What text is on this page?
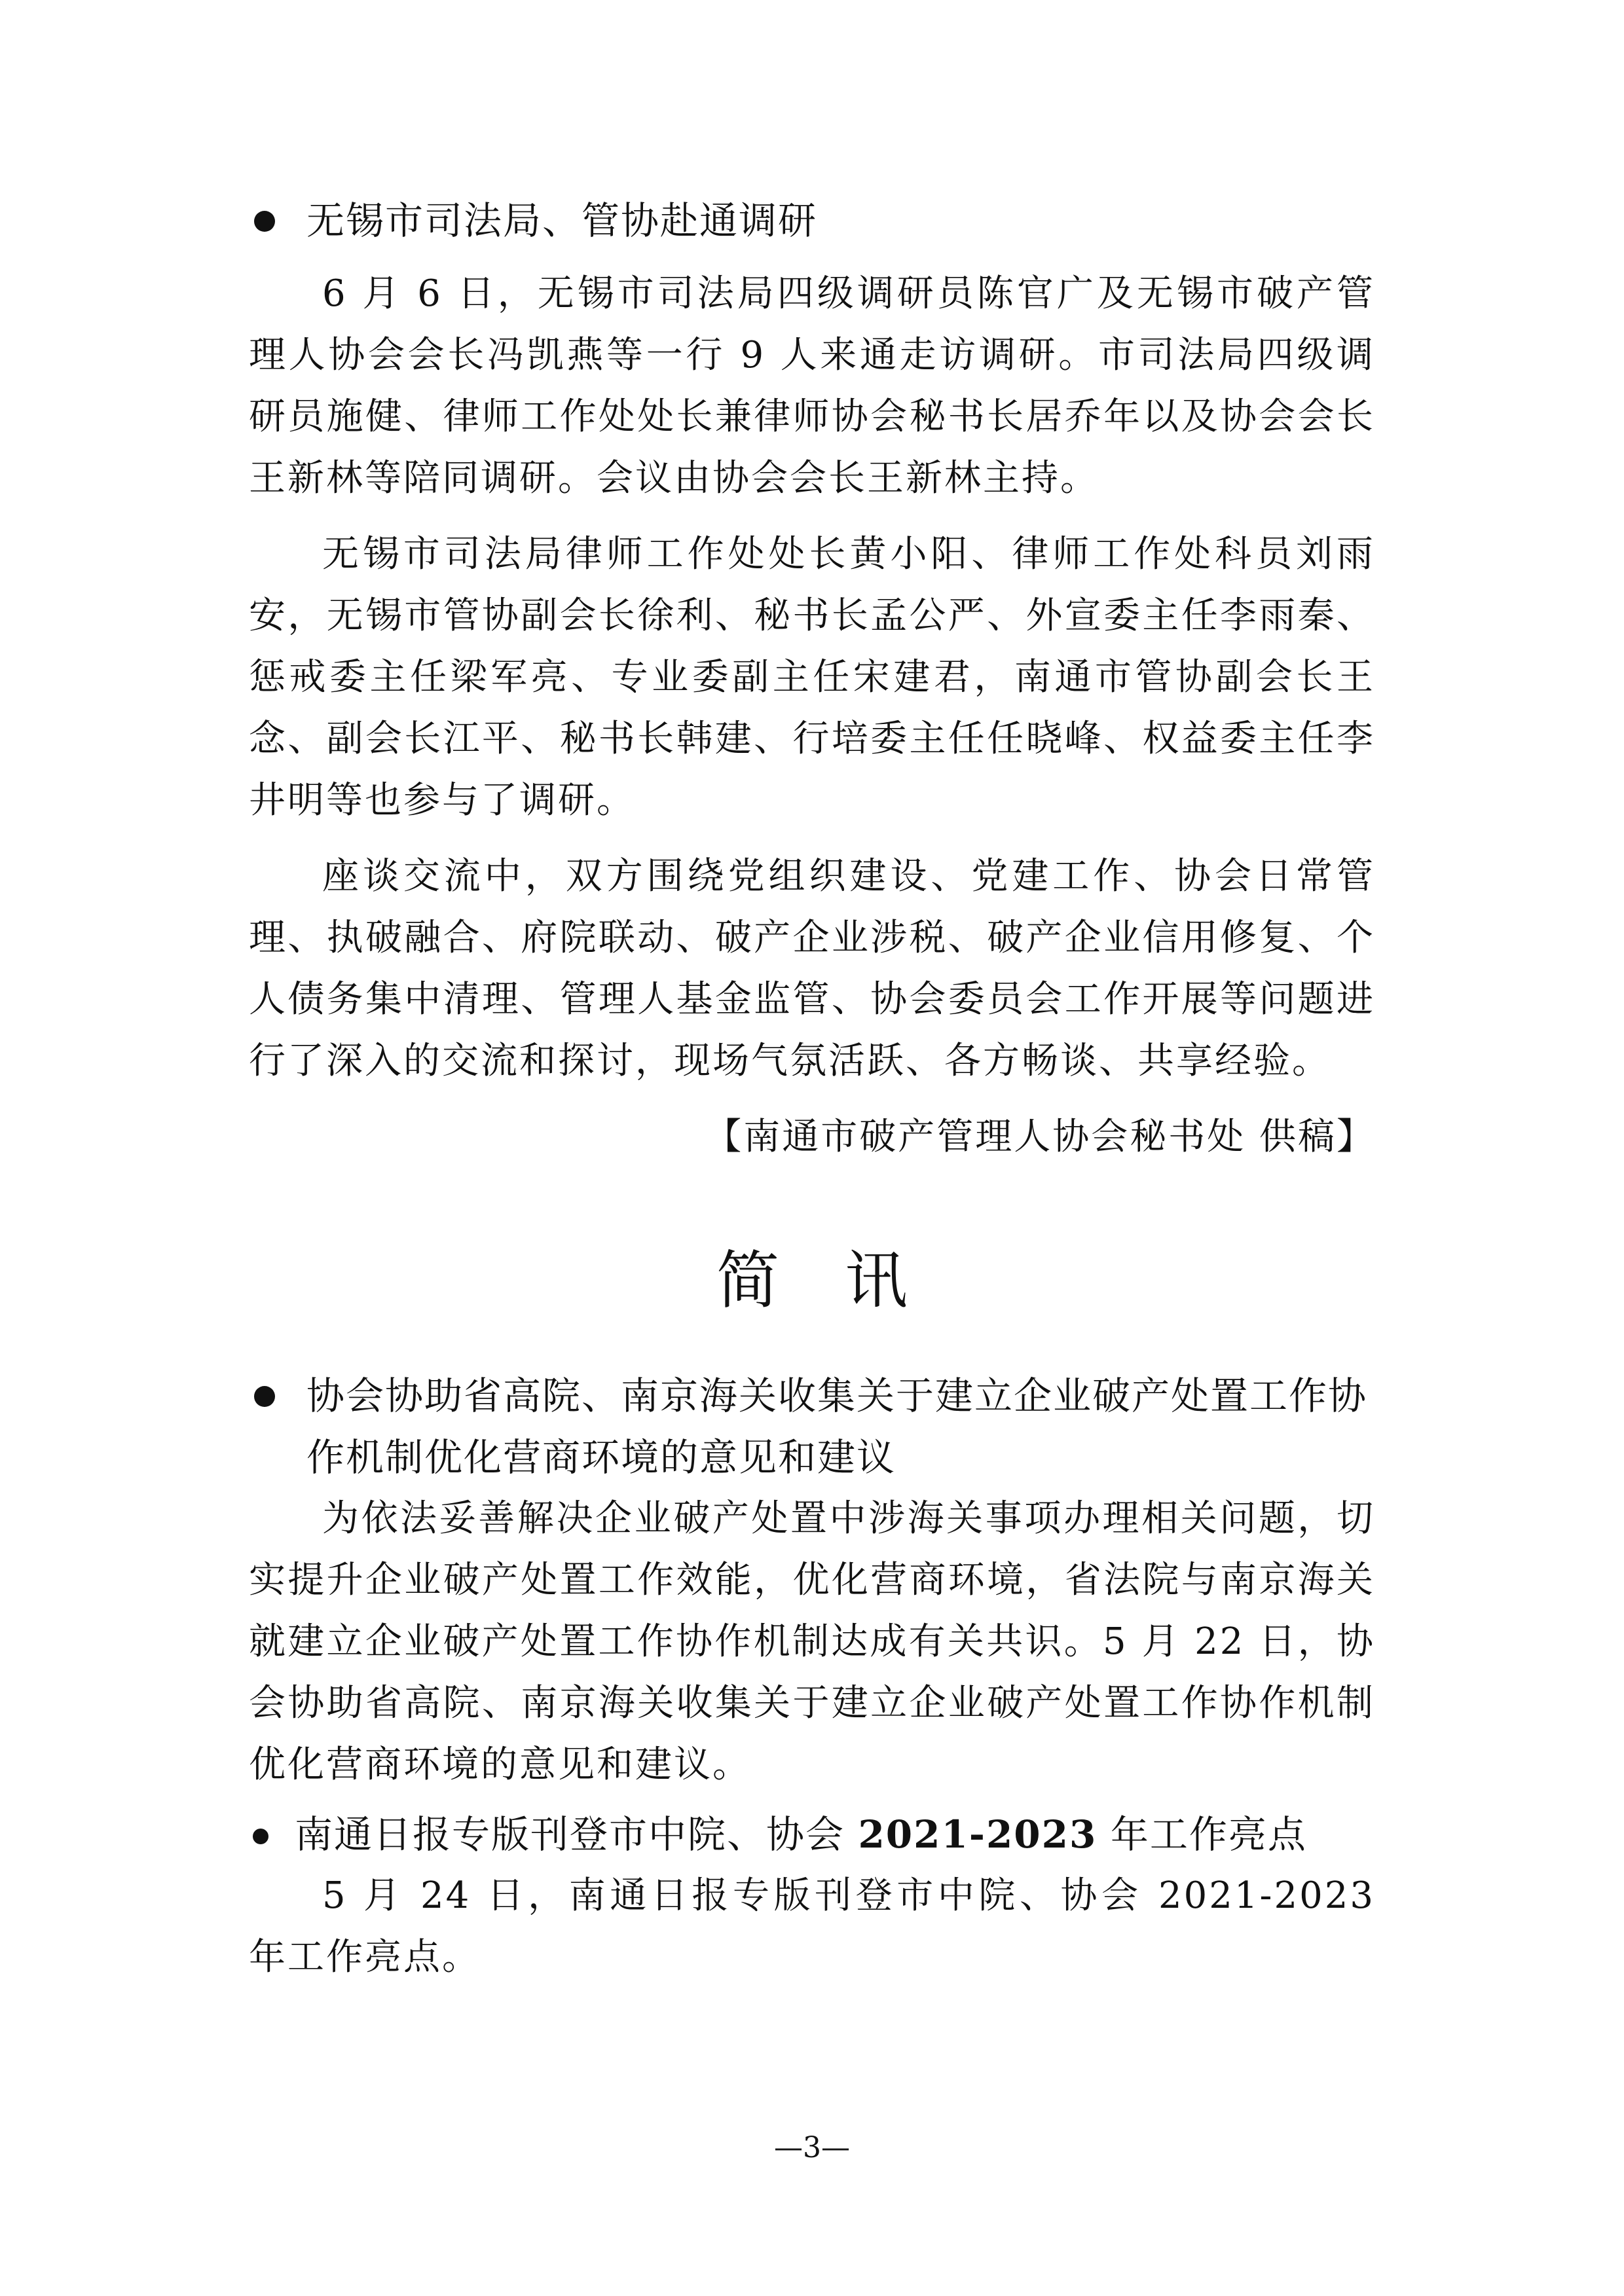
无锡市司法局、管协赴通调研

6 月 6 日，无锡市司法局四级调研员陈官广及无锡市破产管理人协会会长冯凯燕等一行 9 人来通走访调研。市司法局四级调研员施健、律师工作处处长兼律师协会秘书长居乔年以及协会会长王新林等陪同调研。会议由协会会长王新林主持。

无锡市司法局律师工作处处长黄小阳、律师工作处科员刘雨安，无锡市管协副会长徐利、秘书长孟公严、外宣委主任李雨秦、惩戒委主任梁军亮、专业委副主任宋建君，南通市管协副会长王念、副会长江平、秘书长韩建、行培委主任任晓峰、权益委主任李井明等也参与了调研。

座谈交流中，双方围绕党组织建设、党建工作、协会日常管理、执破融合、府院联动、破产企业涉税、破产企业信用修复、个人债务集中清理、管理人基金监管、协会委员会工作开展等问题进行了深入的交流和探讨，现场气氛活跃、各方畅谈、共享经验。

【南通市破产管理人协会秘书处 供稿】
简讯
协会协助省高院、南京海关收集关于建立企业破产处置工作协作机制优化营商环境的意见和建议

为依法妥善解决企业破产处置中涉海关事项办理相关问题，切实提升企业破产处置工作效能，优化营商环境，省法院与南京海关就建立企业破产处置工作协作机制达成有关共识。5 月 22 日，协会协助省高院、南京海关收集关于建立企业破产处置工作协作机制优化营商环境的意见和建议。

南通日报专版刊登市中院、协会 2021-2023 年工作亮点

5 月 24 日，南通日报专版刊登市中院、协会 2021-2023 年工作亮点。

—3—
